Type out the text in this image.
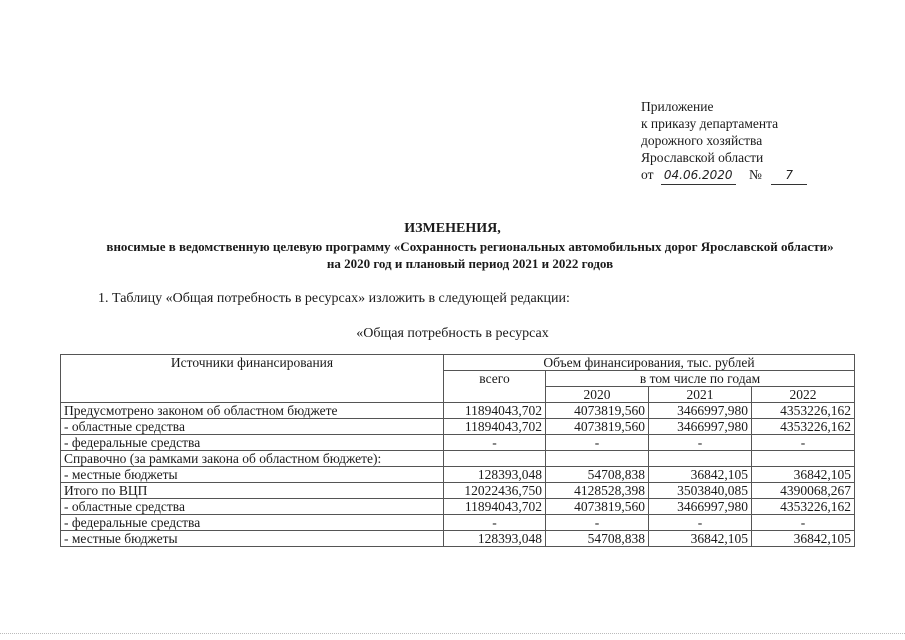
Приложение
к приказу департамента
дорожного хозяйства
Ярославской области
от 04.06.2020 № 7
ИЗМЕНЕНИЯ,
вносимые в ведомственную целевую программу «Сохранность региональных автомобильных дорог Ярославской области» на 2020 год и плановый период 2021 и 2022 годов
1. Таблицу «Общая потребность в ресурсах» изложить в следующей редакции:
«Общая потребность в ресурсах
Источники финансирования	Объем финансирования, тыс. рублей			
	всего	в том числе по годам		
		2020	2021	2022
Предусмотрено законом об областном бюджете	11894043,702	4073819,560	3466997,980	4353226,162
- областные средства	11894043,702	4073819,560	3466997,980	4353226,162
- федеральные средства	-	-	-	-
Справочно (за рамками закона об областном бюджете):				
- местные бюджеты	128393,048	54708,838	36842,105	36842,105
Итого по ВЦП	12022436,750	4128528,398	3503840,085	4390068,267
- областные средства	11894043,702	4073819,560	3466997,980	4353226,162
- федеральные средства	-	-	-	-
- местные бюджеты	128393,048	54708,838	36842,105	36842,105
